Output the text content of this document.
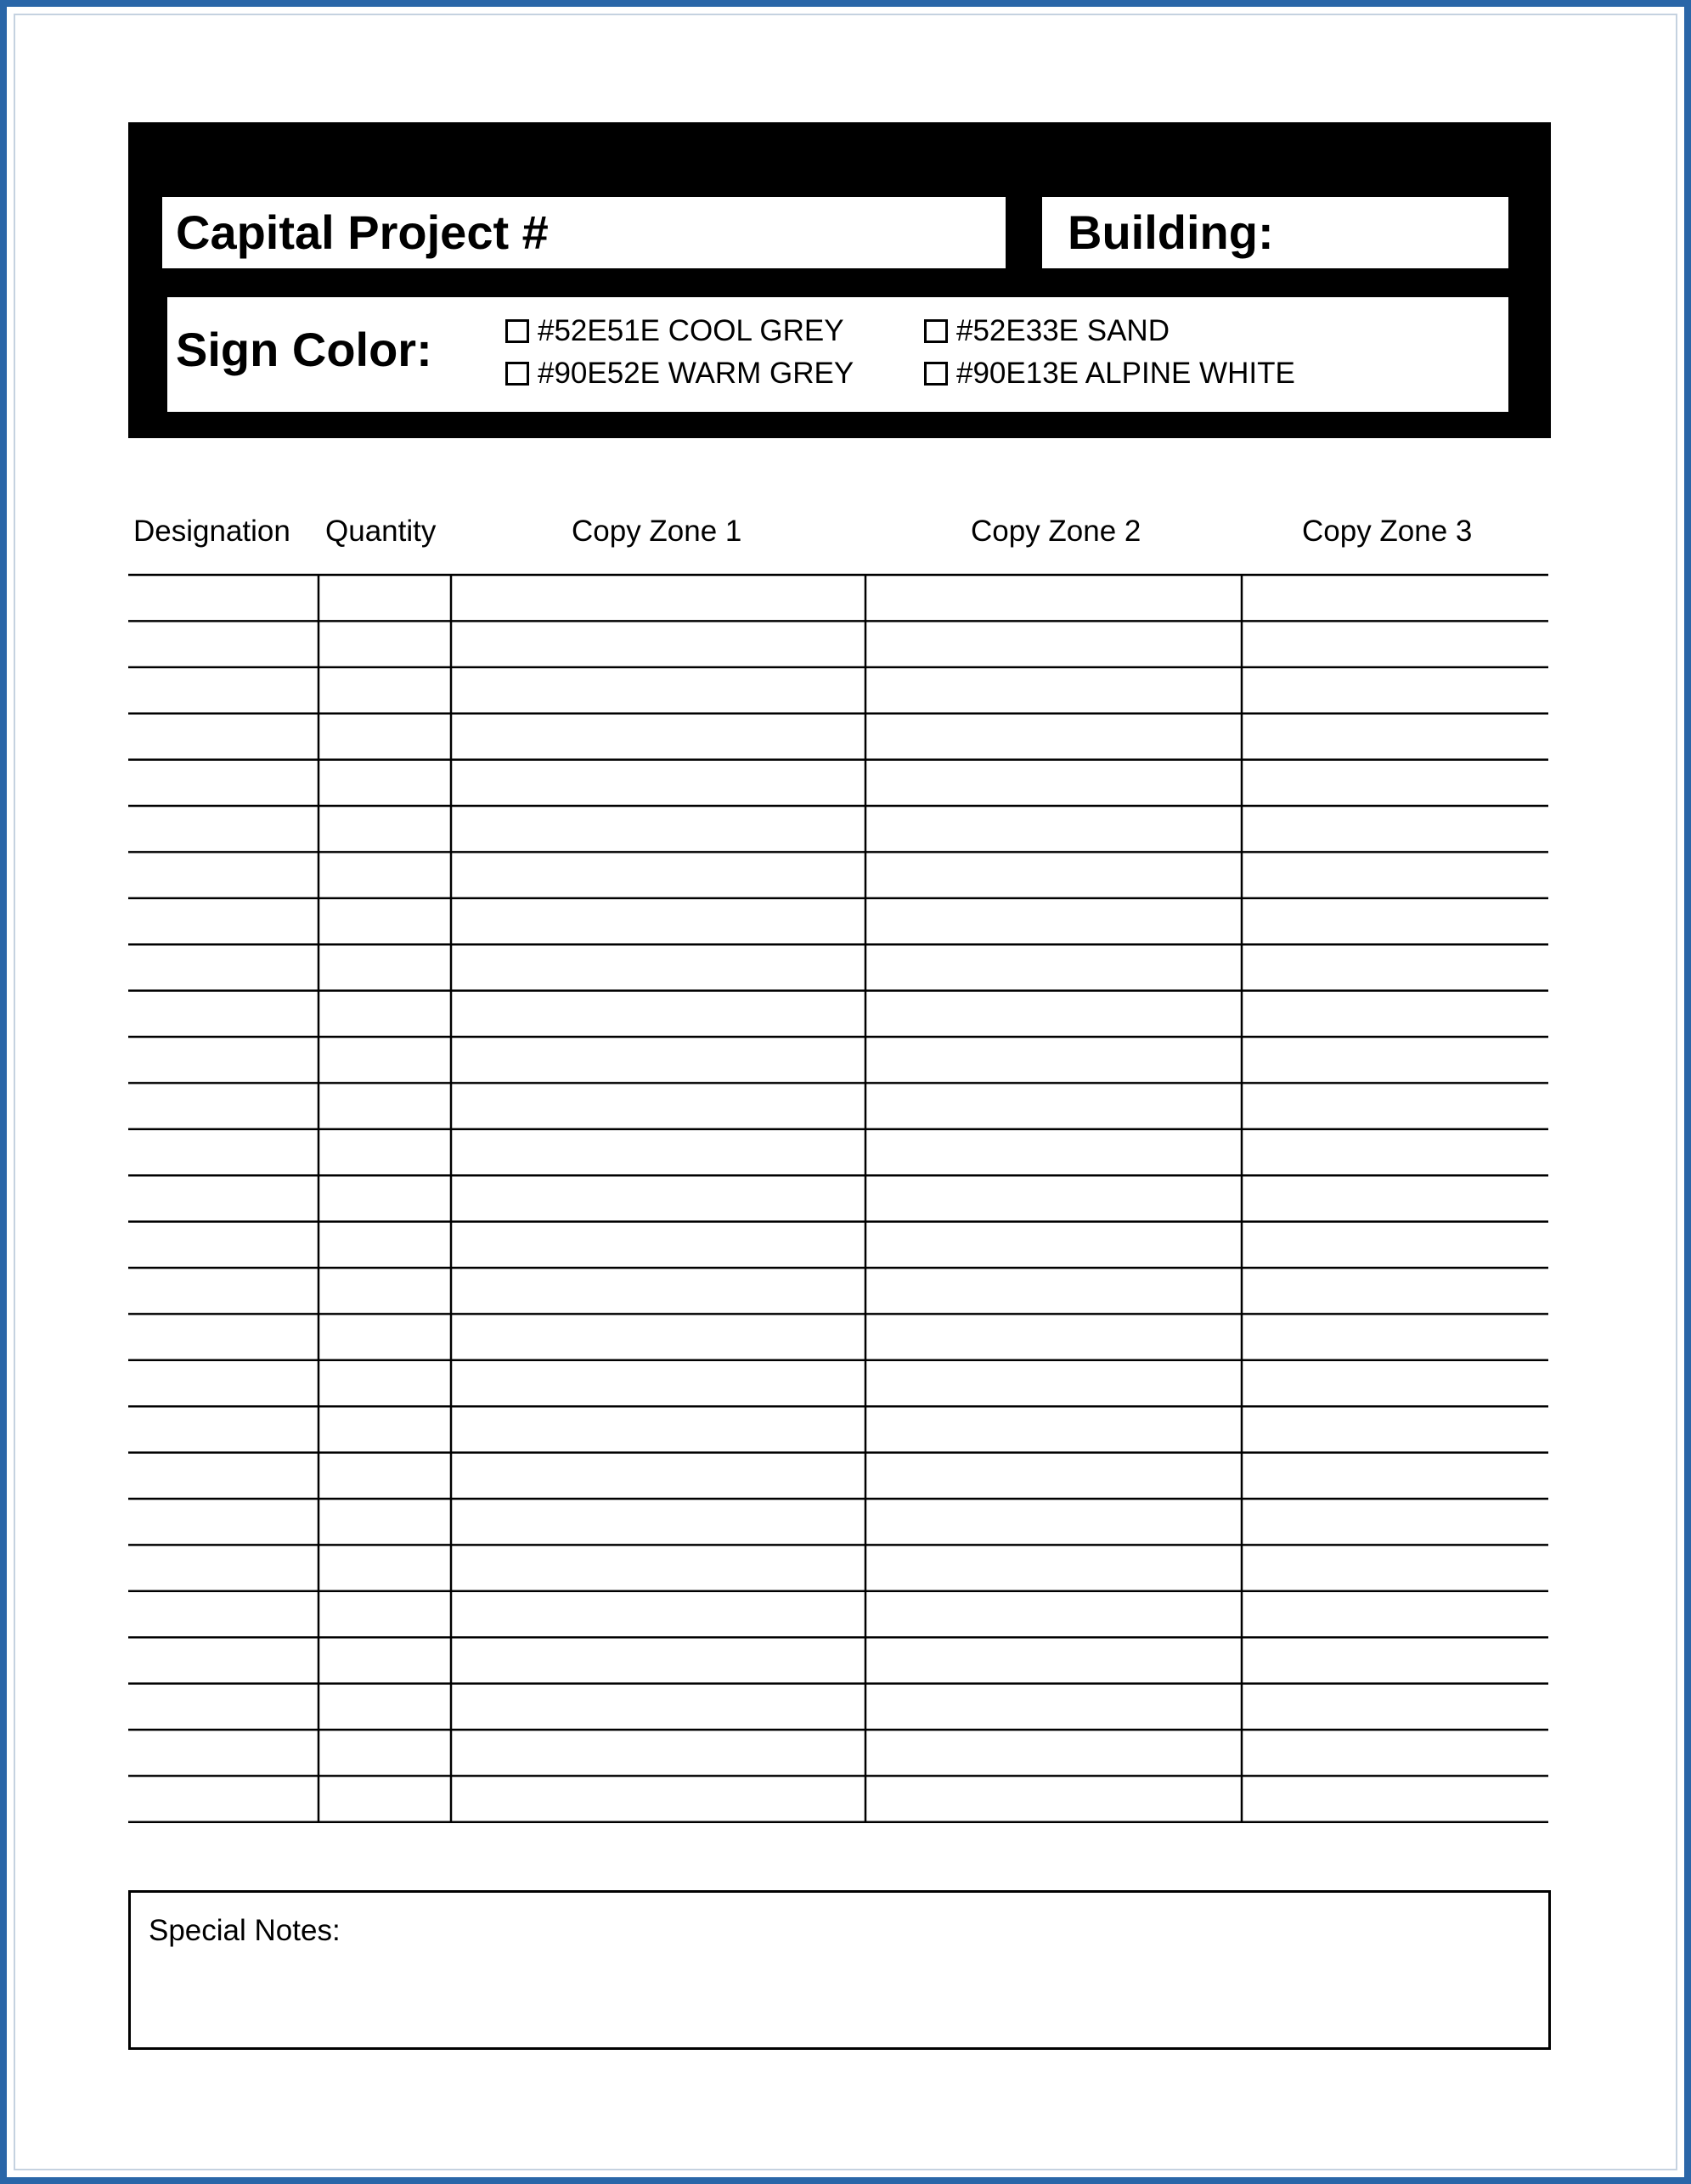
Capital Project #	Building:
Sign Color:	#52E51E COOL GREY
#90E52E WARM GREY
#52E33E SAND
#90E13E ALPINE WHITE
Designation Quantity	Copy Zone 1	Copy Zone 2	Copy Zone 3
Special Notes:
